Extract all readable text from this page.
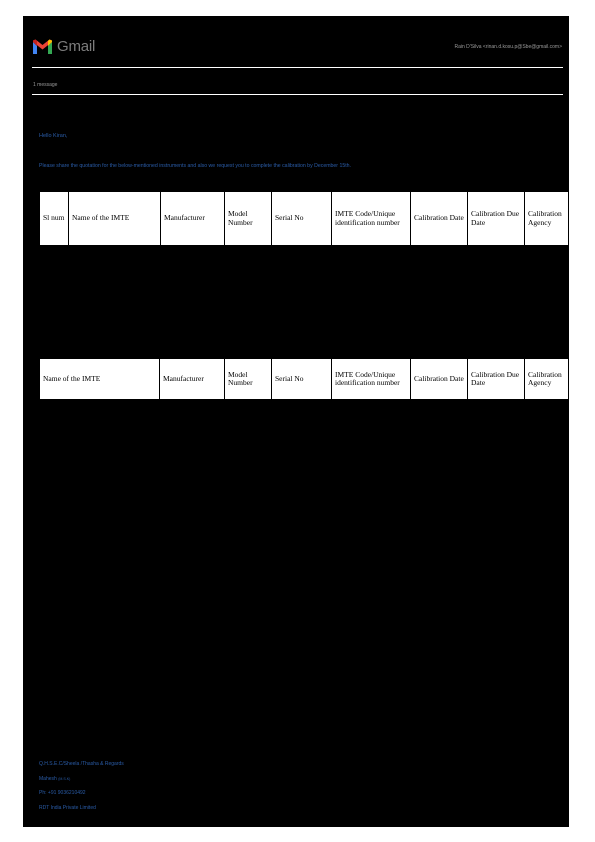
Gmail	Rain D'Silva <rinan.d.kosu.p@Sbe@gmail.com>
1 message
Hello Kiran,
Please share the quotation for the below-mentioned instruments and also we request you to complete the calibration by December 15th.
Sl num	Name of the IMTE	Manufacturer	Model Number	Serial No	IMTE Code/Unique identification number	Calibration Date	Calibration Due Date	Calibration Agency
Name of the IMTE	Manufacturer	Model Number	Serial No	IMTE Code/Unique identification number	Calibration Date	Calibration Due Date	Calibration Agency
Q.H.S.E.C/Sheela /Thasha & Regards
Mahesh (M.S.K)
Ph: +91 9036210492
RDT India Private Limited
